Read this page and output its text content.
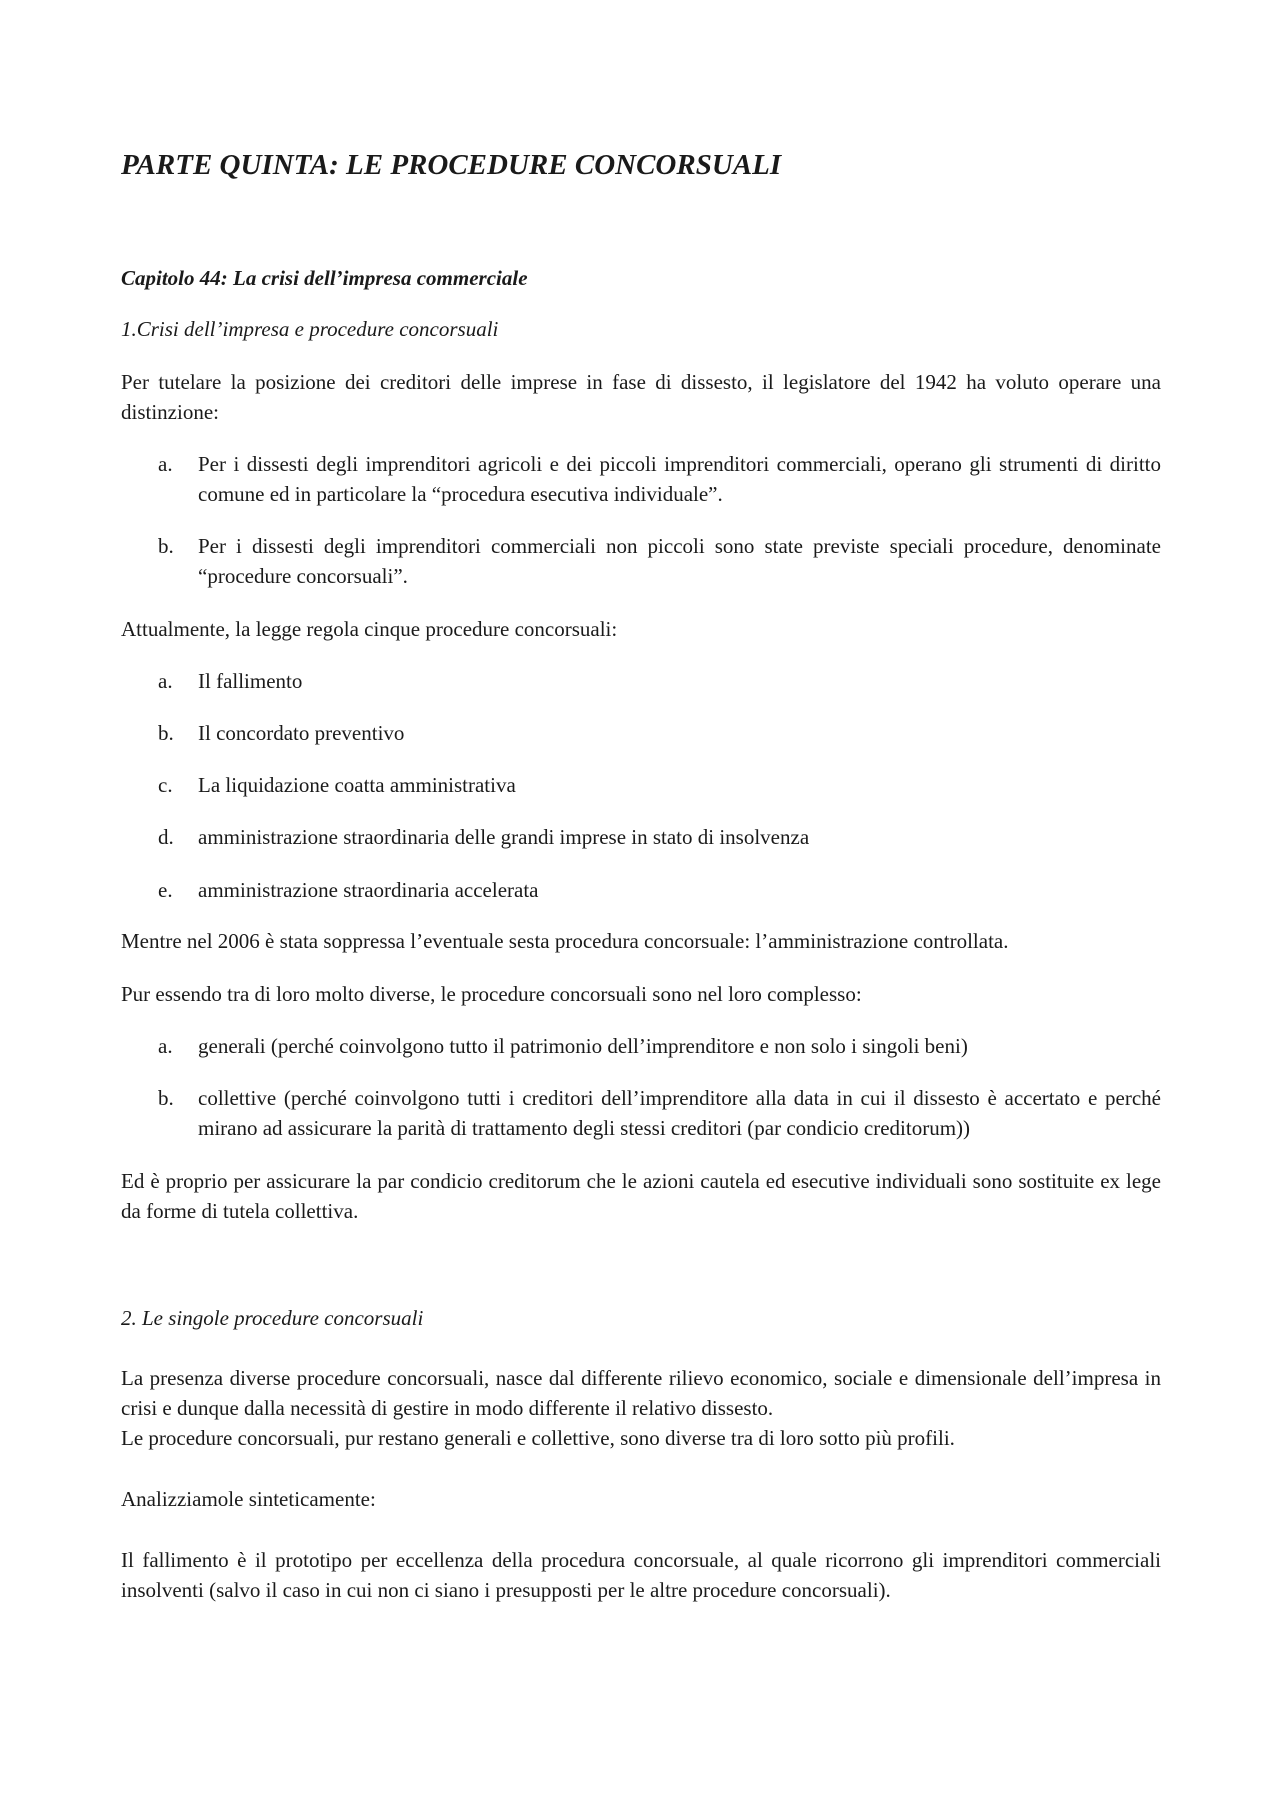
PARTE QUINTA: LE PROCEDURE CONCORSUALI

Capitolo 44: La crisi dell’impresa commerciale

1.Crisi dell’impresa e procedure concorsuali

Per tutelare la posizione dei creditori delle imprese in fase di dissesto, il legislatore del 1942 ha voluto operare una distinzione:

a.	Per i dissesti degli imprenditori agricoli e dei piccoli imprenditori commerciali, operano gli strumenti di diritto comune ed in particolare la “procedura esecutiva individuale”.
b.	Per i dissesti degli imprenditori commerciali non piccoli sono state previste speciali procedure, denominate “procedure concorsuali”.

Attualmente, la legge regola cinque procedure concorsuali:

a.	Il fallimento
b.	Il concordato preventivo
c.	La liquidazione coatta amministrativa
d.	amministrazione straordinaria delle grandi imprese in stato di insolvenza
e.	amministrazione straordinaria accelerata

Mentre nel 2006 è stata soppressa l’eventuale sesta procedura concorsuale: l’amministrazione controllata.

Pur essendo tra di loro molto diverse, le procedure concorsuali sono nel loro complesso:

a.	generali (perché coinvolgono tutto il patrimonio dell’imprenditore e non solo i singoli beni)
b.	collettive (perché coinvolgono tutti i creditori dell’imprenditore alla data in cui il dissesto è accertato e perché mirano ad assicurare la parità di trattamento degli stessi creditori (par condicio creditorum))

Ed è proprio per assicurare la par condicio creditorum che le azioni cautela ed esecutive individuali sono sostituite ex lege da forme di tutela collettiva.

2. Le singole procedure concorsuali

La presenza diverse procedure concorsuali, nasce dal differente rilievo economico, sociale e dimensionale dell’impresa in crisi e dunque dalla necessità di gestire in modo differente il relativo dissesto.

Le procedure concorsuali, pur restano generali e collettive, sono diverse tra di loro sotto più profili.

Analizziamole sinteticamente:

Il fallimento è il prototipo per eccellenza della procedura concorsuale, al quale ricorrono gli imprenditori commerciali insolventi (salvo il caso in cui non ci siano i presupposti per le altre procedure concorsuali).
